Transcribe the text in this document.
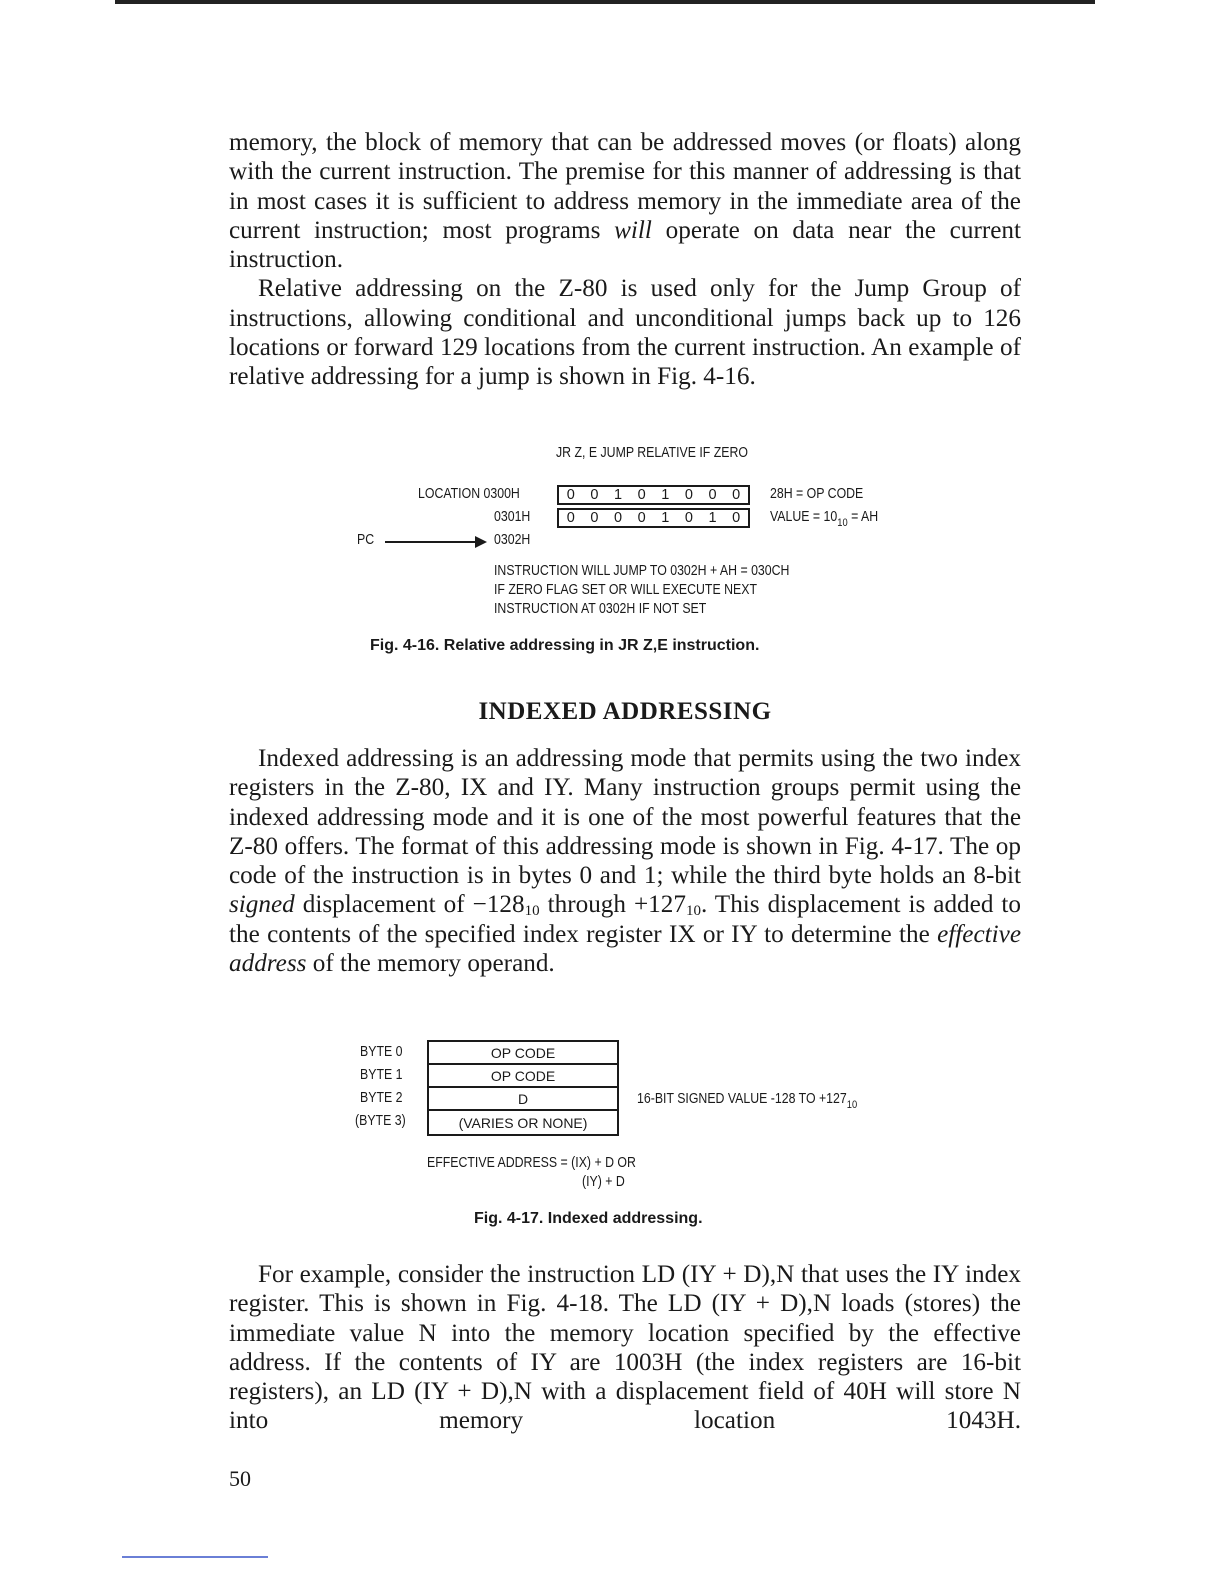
memory, the block of memory that can be addressed moves (or floats) along with the current instruction. The premise for this manner of addressing is that in most cases it is sufficient to address memory in the immediate area of the current instruction; most programs will operate on data near the current instruction.

Relative addressing on the Z-80 is used only for the Jump Group of instructions, allowing conditional and unconditional jumps back up to 126 locations or forward 129 locations from the current instruction. An example of relative addressing for a jump is shown in Fig. 4-16.

JR Z, E JUMP RELATIVE IF ZERO
LOCATION 0300H
0301H
0302H
PC
0 0 1 0 1 0 0 0
0 0 0 0 1 0 1 0
28H = OP CODE
VALUE = $10_{10}$ = AH
INSTRUCTION WILL JUMP TO 0302H + AH = 030CH
IF ZERO FLAG SET OR WILL EXECUTE NEXT
INSTRUCTION AT 0302H IF NOT SET
Fig. 4-16. Relative addressing in JR Z,E instruction.
INDEXED ADDRESSING

Indexed addressing is an addressing mode that permits using the two index registers in the Z-80, IX and IY. Many instruction groups permit using the indexed addressing mode and it is one of the most powerful features that the Z-80 offers. The format of this addressing mode is shown in Fig. 4-17. The op code of the instruction is in bytes 0 and 1; while the third byte holds an 8-bit signed displacement of $-128_{10}$ through $+127_{10}$. This displacement is added to the contents of the specified index register IX or IY to determine the effective address of the memory operand.

BYTE 0
BYTE 1
BYTE 2
(BYTE 3)
OP CODE
OP CODE
D
(VARIES OR NONE)
16-BIT SIGNED VALUE -128 TO $+127_{10}$
EFFECTIVE ADDRESS = (IX) + D OR
(IY) + D
Fig. 4-17. Indexed addressing.

For example, consider the instruction LD (IY + D),N that uses the IY index register. This is shown in Fig. 4-18. The LD (IY + D),N loads (stores) the immediate value N into the memory location specified by the effective address. If the contents of IY are 1003H (the index registers are 16-bit registers), an LD (IY + D),N with a displacement field of 40H will store N into memory location 1043H.

50
